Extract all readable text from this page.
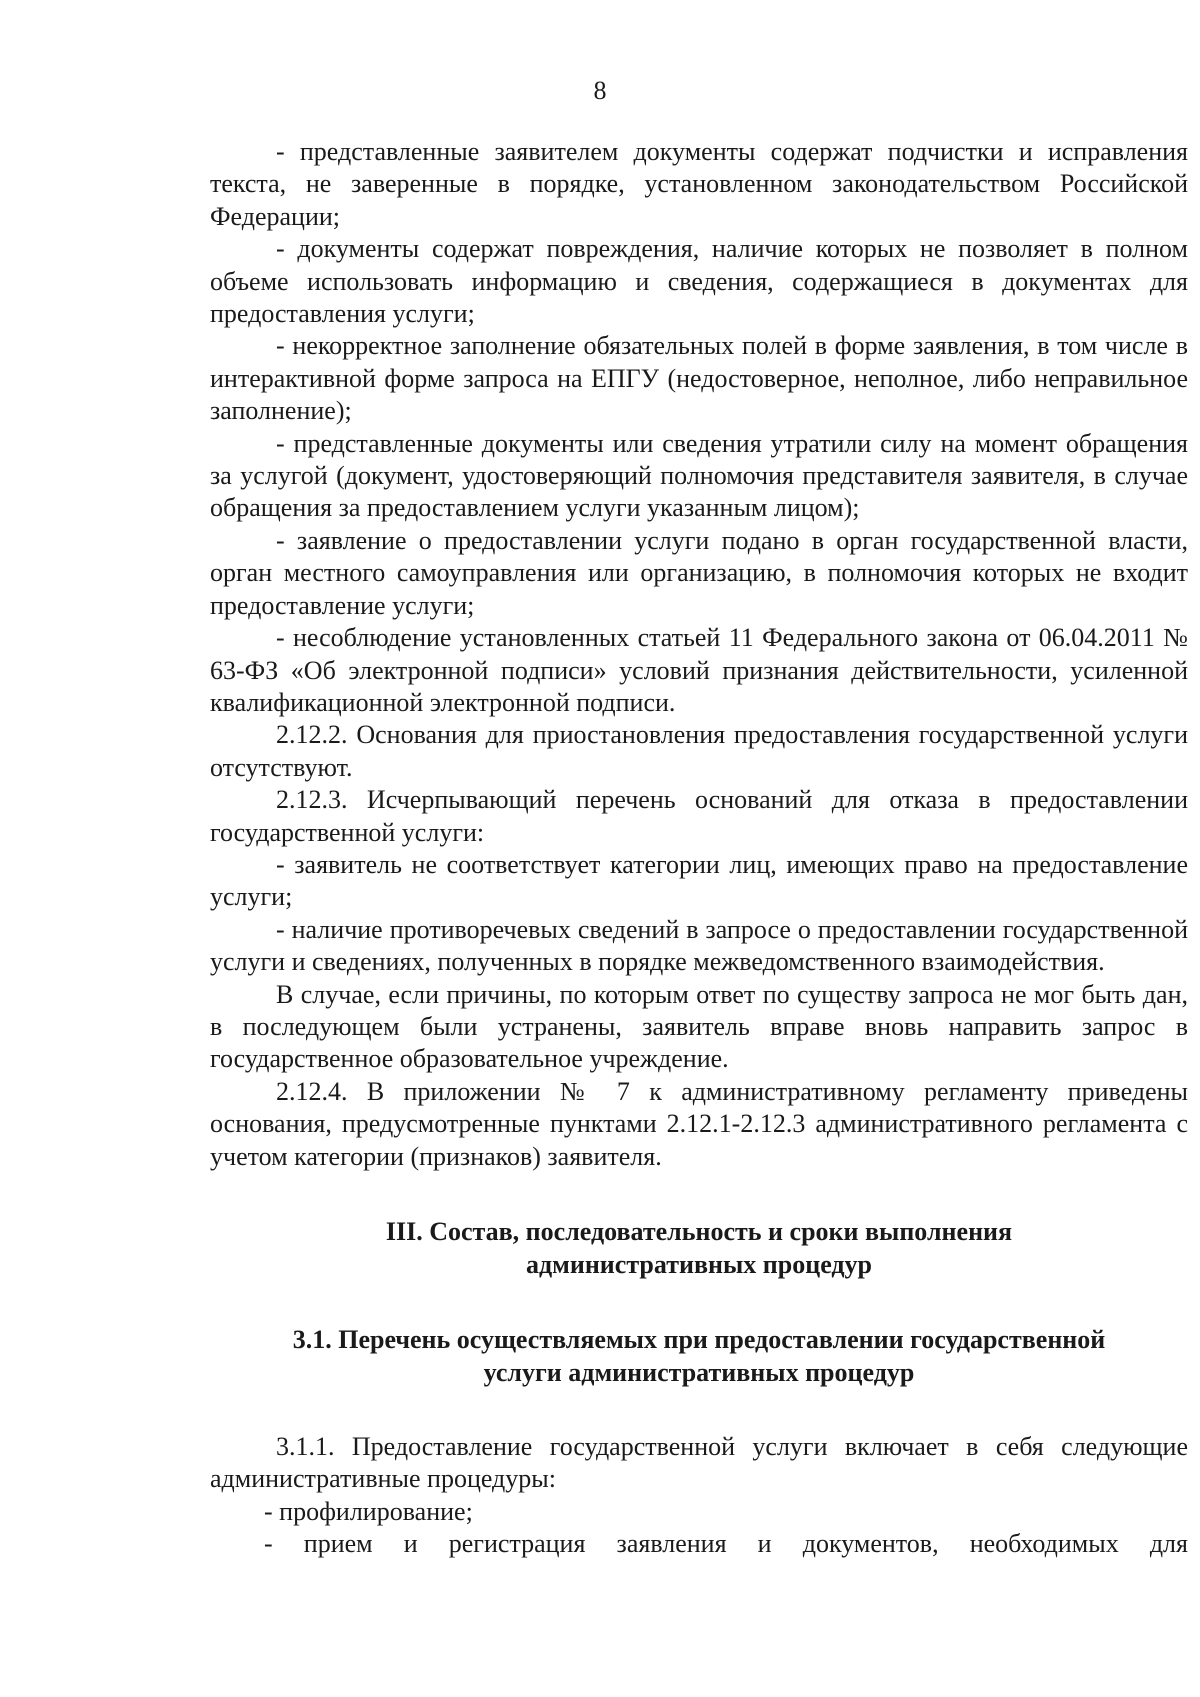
8

- представленные заявителем документы содержат подчистки и исправления текста, не заверенные в порядке, установленном законодательством Российской Федерации;

- документы содержат повреждения, наличие которых не позволяет в полном объеме использовать информацию и сведения, содержащиеся в документах для предоставления услуги;

- некорректное заполнение обязательных полей в форме заявления, в том числе в интерактивной форме запроса на ЕПГУ (недостоверное, неполное, либо неправильное заполнение);

- представленные документы или сведения утратили силу на момент обращения за услугой (документ, удостоверяющий полномочия представителя заявителя, в случае обращения за предоставлением услуги указанным лицом);

- заявление о предоставлении услуги подано в орган государственной власти, орган местного самоуправления или организацию, в полномочия которых не входит предоставление услуги;

- несоблюдение установленных статьей 11 Федерального закона от 06.04.2011 № 63-ФЗ «Об электронной подписи» условий признания действительности, усиленной квалификационной электронной подписи.

2.12.2. Основания для приостановления предоставления государственной услуги отсутствуют.

2.12.3. Исчерпывающий перечень оснований для отказа в предоставлении государственной услуги:

- заявитель не соответствует категории лиц, имеющих право на предоставление услуги;

- наличие противоречевых сведений в запросе о предоставлении государственной услуги и сведениях, полученных в порядке межведомственного взаимодействия.

В случае, если причины, по которым ответ по существу запроса не мог быть дан, в последующем были устранены, заявитель вправе вновь направить запрос в государственное образовательное учреждение.

2.12.4. В приложении № 7 к административному регламенту приведены основания, предусмотренные пунктами 2.12.1-2.12.3 административного регламента с учетом категории (признаков) заявителя.

III. Состав, последовательность и сроки выполнения
административных процедур
3.1. Перечень осуществляемых при предоставлении государственной
услуги административных процедур

3.1.1. Предоставление государственной услуги включает в себя следующие административные процедуры:

- профилирование;

- прием и регистрация заявления и документов, необходимых для
